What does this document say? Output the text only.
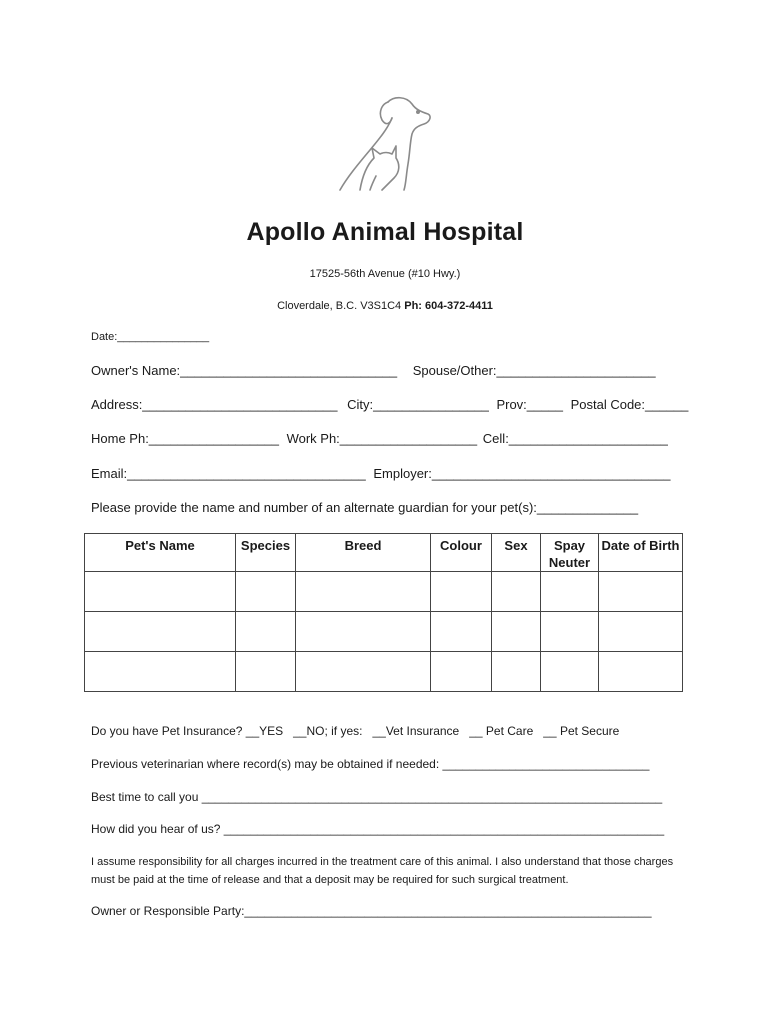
Apollo Animal Hospital
17525-56th Avenue (#10 Hwy.)
Cloverdale, B.C. V3S1C4 Ph: 604-372-4411
Date:_______________
Owner's Name:______________________________ Spouse/Other:______________________
Address:___________________________ City:________________ Prov:_____ Postal Code:______
Home Ph:__________________ Work Ph:___________________ Cell:______________________
Email:_________________________________ Employer:_________________________________
Please provide the name and number of an alternate guardian for your pet(s):______________
Pet's Name	Species	Breed	Colour	Sex	Spay Neuter	Date of Birth

Do you have Pet Insurance? __YES   __NO; if yes:   __Vet Insurance   __ Pet Care   __ Pet Secure
Previous veterinarian where record(s) may be obtained if needed: _______________________________
Best time to call you _____________________________________________________________________
How did you hear of us? __________________________________________________________________
I assume responsibility for all charges incurred in the treatment care of this animal. I also understand that those charges must be paid at the time of release and that a deposit may be required for such surgical treatment.
Owner or Responsible Party:_____________________________________________________________
